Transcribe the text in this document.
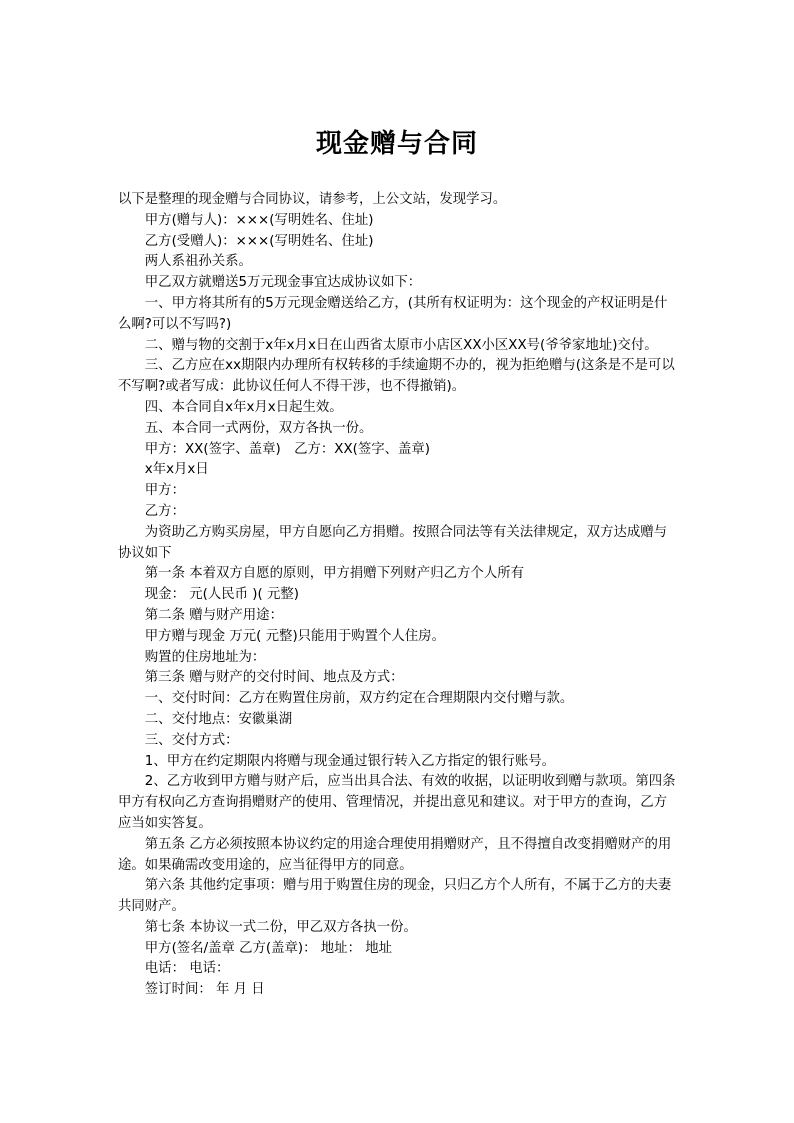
现金赠与合同

以下是整理的现金赠与合同协议，请参考，上公文站，发现学习。

甲方(赠与人)：×××(写明姓名、住址)

乙方(受赠人)：×××(写明姓名、住址)

两人系祖孙关系。

甲乙双方就赠送5万元现金事宜达成协议如下：

一、甲方将其所有的5万元现金赠送给乙方，(其所有权证明为：这个现金的产权证明是什么啊?可以不写吗?)

二、赠与物的交割于x年x月x日在山西省太原市小店区XX小区XX号(爷爷家地址)交付。

三、乙方应在xx期限内办理所有权转移的手续逾期不办的，视为拒绝赠与(这条是不是可以不写啊?或者写成：此协议任何人不得干涉，也不得撤销)。

四、本合同自x年x月x日起生效。

五、本合同一式两份，双方各执一份。

甲方：XX(签字、盖章)　乙方：XX(签字、盖章)

x年x月x日

甲方：

乙方：

为资助乙方购买房屋，甲方自愿向乙方捐赠。按照合同法等有关法律规定，双方达成赠与协议如下

第一条 本着双方自愿的原则，甲方捐赠下列财产归乙方个人所有

现金： 元(人民币 )( 元整)

第二条 赠与财产用途：

甲方赠与现金 万元( 元整)只能用于购置个人住房。

购置的住房地址为：

第三条 赠与财产的交付时间、地点及方式：

一、交付时间：乙方在购置住房前，双方约定在合理期限内交付赠与款。

二、交付地点：安徽巢湖

三、交付方式：

1、甲方在约定期限内将赠与现金通过银行转入乙方指定的银行账号。

2、乙方收到甲方赠与财产后，应当出具合法、有效的收据，以证明收到赠与款项。第四条 甲方有权向乙方查询捐赠财产的使用、管理情况，并提出意见和建议。对于甲方的查询，乙方应当如实答复。

第五条 乙方必须按照本协议约定的用途合理使用捐赠财产，且不得擅自改变捐赠财产的用途。如果确需改变用途的，应当征得甲方的同意。

第六条 其他约定事项：赠与用于购置住房的现金，只归乙方个人所有，不属于乙方的夫妻共同财产。

第七条 本协议一式二份，甲乙双方各执一份。

甲方(签名/盖章 乙方(盖章)： 地址： 地址

电话： 电话：

签订时间： 年 月 日
